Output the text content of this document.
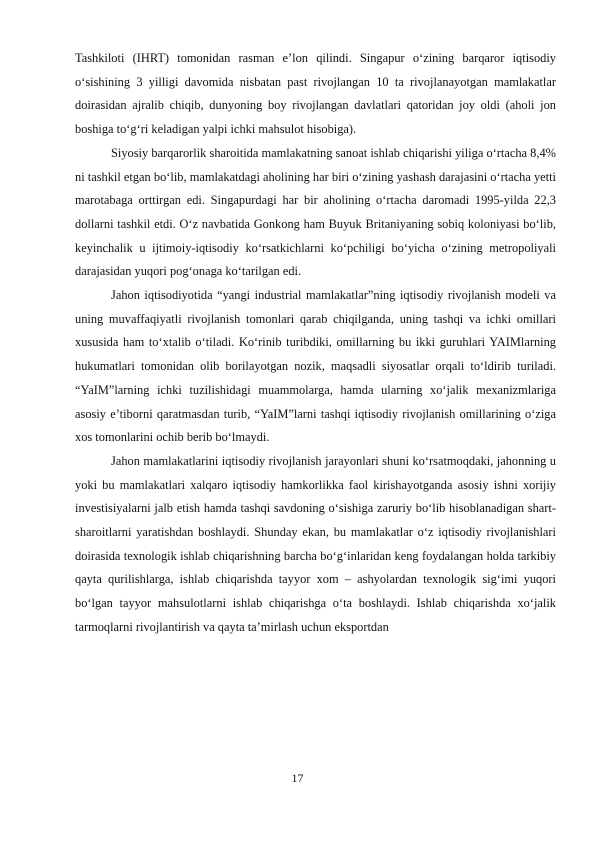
Tashkiloti (IHRT) tomonidan rasman e’lon qilindi. Singapur o‘zining barqaror iqtisodiy o‘sishining 3 yilligi davomida nisbatan past rivojlangan 10 ta rivojlanayotgan mamlakatlar doirasidan ajralib chiqib, dunyoning boy rivojlangan davlatlari qatoridan joy oldi (aholi jon boshiga to‘g‘ri keladigan yalpi ichki mahsulot hisobiga).

Siyosiy barqarorlik sharoitida mamlakatning sanoat ishlab chiqarishi yiliga o‘rtacha 8,4% ni tashkil etgan bo‘lib, mamlakatdagi aholining har biri o‘zining yashash darajasini o‘rtacha yetti marotabaga orttirgan edi. Singapurdagi har bir aholining o‘rtacha daromadi 1995-yilda 22,3 dollarni tashkil etdi. O‘z navbatida Gonkong ham Buyuk Britaniyaning sobiq koloniyasi bo‘lib, keyinchalik u ijtimoiy-iqtisodiy ko‘rsatkichlarni ko‘pchiligi bo‘yicha o‘zining metropoliyali darajasidan yuqori pog‘onaga ko‘tarilgan edi.

Jahon iqtisodiyotida “yangi industrial mamlakatlar”ning iqtisodiy rivojlanish modeli va uning muvaffaqiyatli rivojlanish tomonlari qarab chiqilganda, uning tashqi va ichki omillari xususida ham to‘xtalib o‘tiladi. Ko‘rinib turibdiki, omillarning bu ikki guruhlari YAIMlarning hukumatlari tomonidan olib borilayotgan nozik, maqsadli siyosatlar orqali to‘ldirib turiladi. “YaIM”larning ichki tuzilishidagi muammolarga, hamda ularning xo‘jalik mexanizmlariga asosiy e’tiborni qaratmasdan turib, “YaIM”larni tashqi iqtisodiy rivojlanish omillarining o‘ziga xos tomonlarini ochib berib bo‘lmaydi.

Jahon mamlakatlarini iqtisodiy rivojlanish jarayonlari shuni ko‘rsatmoqdaki, jahonning u yoki bu mamlakatlari xalqaro iqtisodiy hamkorlikka faol kirishayotganda asosiy ishni xorijiy investisiyalarni jalb etish hamda tashqi savdoning o‘sishiga zaruriy bo‘lib hisoblanadigan shart-sharoitlarni yaratishdan boshlaydi. Shunday ekan, bu mamlakatlar o‘z iqtisodiy rivojlanishlari doirasida texnologik ishlab chiqarishning barcha bo‘g‘inlaridan keng foydalangan holda tarkibiy qayta qurilishlarga, ishlab chiqarishda tayyor xom – ashyolardan texnologik sig‘imi yuqori bo‘lgan tayyor mahsulotlarni ishlab chiqarishga o‘ta boshlaydi. Ishlab chiqarishda xo‘jalik tarmoqlarni rivojlantirish va qayta ta’mirlash uchun eksportdan

17
